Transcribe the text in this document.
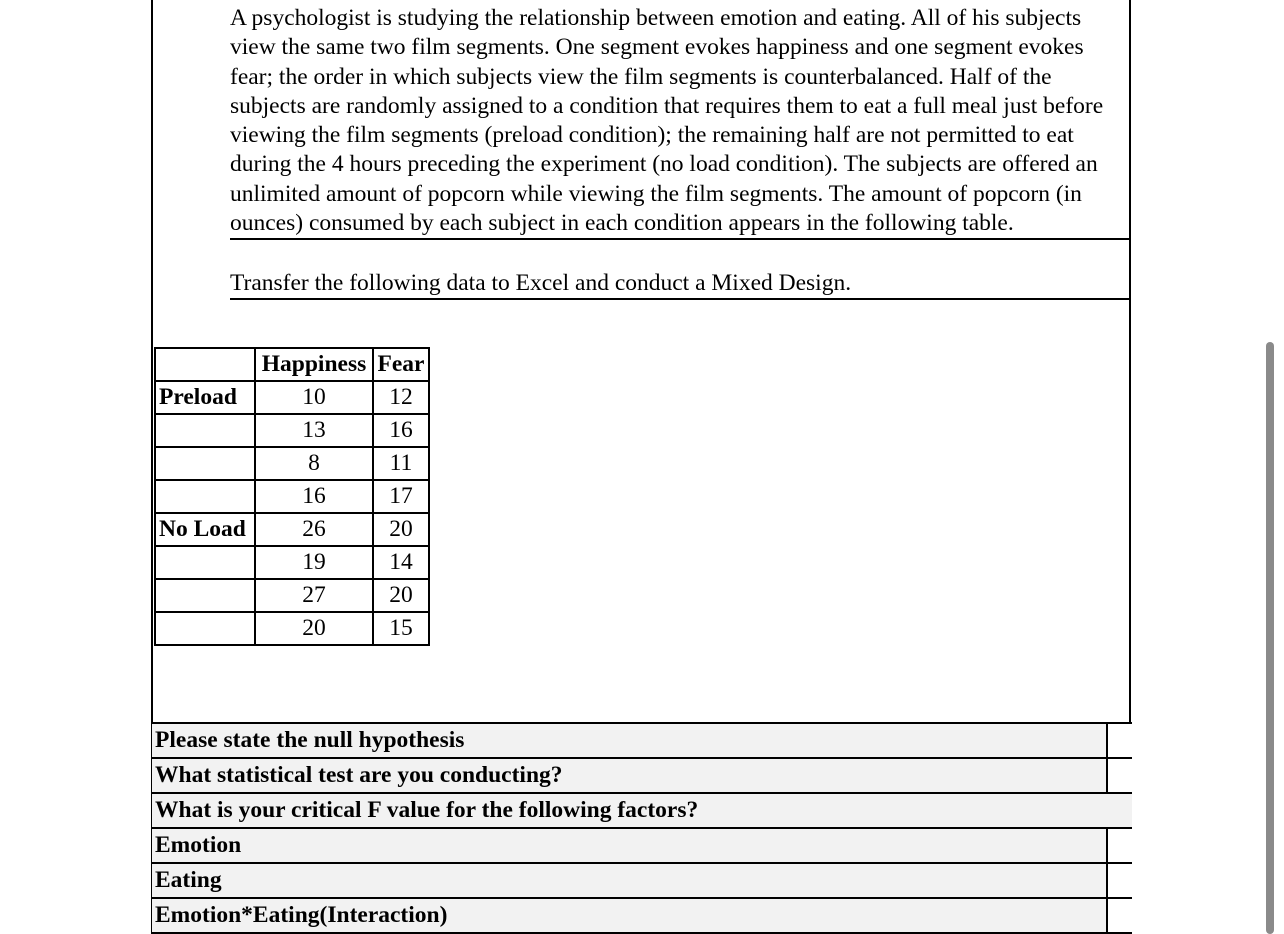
A psychologist is studying the relationship between emotion and eating. All of his subjects view the same two film segments. One segment evokes happiness and one segment evokes fear; the order in which subjects view the film segments is counterbalanced. Half of the subjects are randomly assigned to a condition that requires them to eat a full meal just before viewing the film segments (preload condition); the remaining half are not permitted to eat during the 4 hours preceding the experiment (no load condition). The subjects are offered an unlimited amount of popcorn while viewing the film segments. The amount of popcorn (in ounces) consumed by each subject in each condition appears in the following table.

Transfer the following data to Excel and conduct a Mixed Design.

	Happiness	Fear
Preload	10	12
	13	16
	8	11
	16	17
No Load	26	20
	19	14
	27	20
	20	15
Please state the null hypothesis
What statistical test are you conducting?
What is your critical F value for the following factors?
Emotion
Eating
Emotion*Eating(Interaction)
